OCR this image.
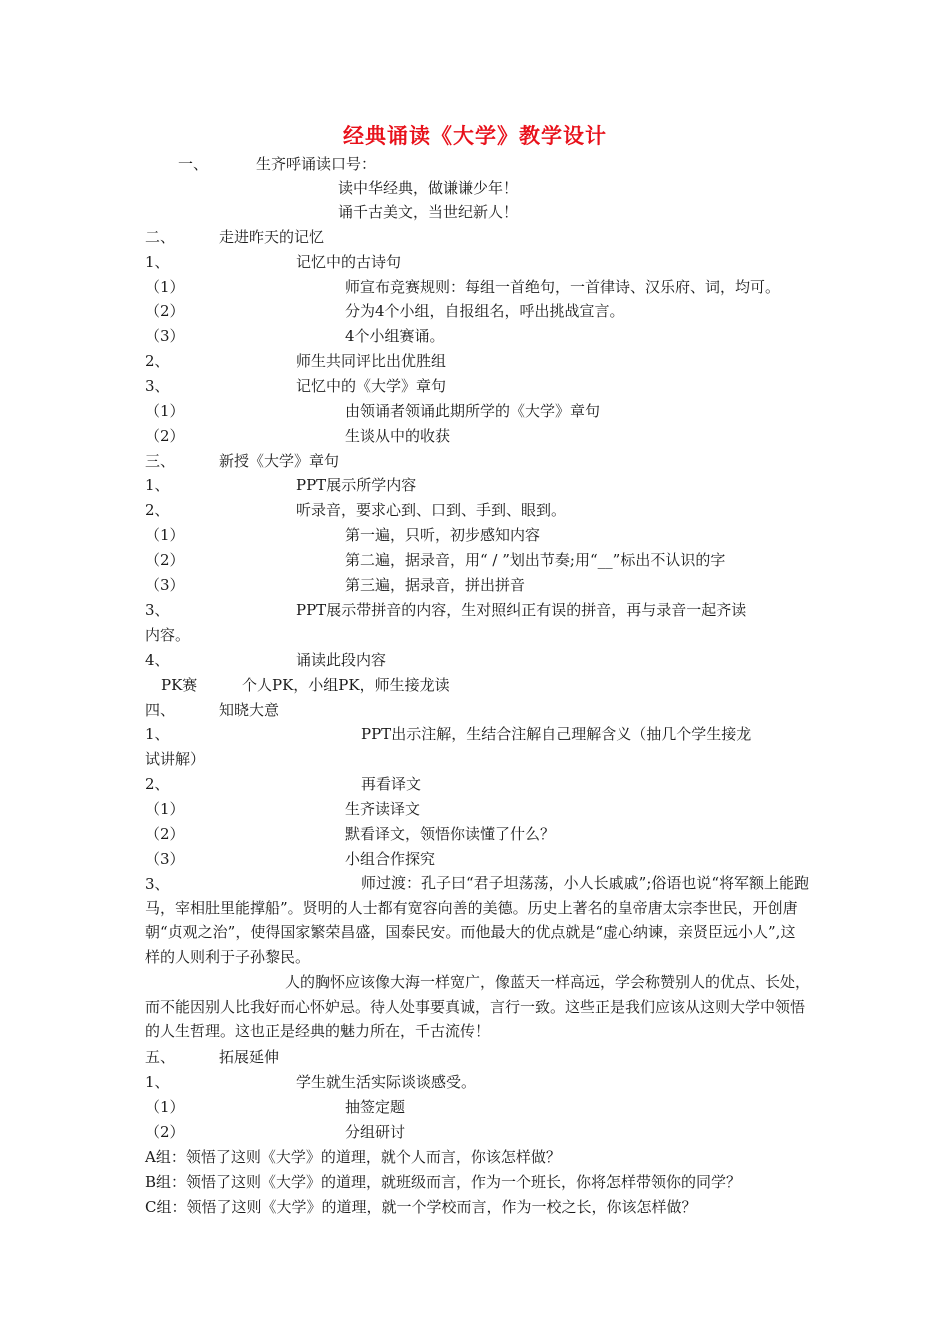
经典诵读《大学》教学设计
一、	生齐呼诵读口号：
读中华经典，做谦谦少年！
诵千古美文，当世纪新人！
二、	走进昨天的记忆
1、	记忆中的古诗句
（1）	师宣布竞赛规则：每组一首绝句，一首律诗、汉乐府、词，均可。
（2）	分为4个小组，自报组名，呼出挑战宣言。
（3）	4个小组赛诵。
2、	师生共同评比出优胜组
3、	记忆中的《大学》章句
（1）	由领诵者领诵此期所学的《大学》章句
（2）	生谈从中的收获
三、	新授《大学》章句
1、	PPT展示所学内容
2、	听录音，要求心到、口到、手到、眼到。
（1）	第一遍，只听，初步感知内容
（2）	第二遍，据录音，用“ / ”划出节奏;用“__”标出不认识的字
（3）	第三遍，据录音，拼出拼音
3、	PPT展示带拼音的内容，生对照纠正有误的拼音，再与录音一起齐读
内容。
4、	诵读此段内容
PK赛	个人PK，小组PK，师生接龙读
四、	知晓大意
1、	PPT出示注解，生结合注解自己理解含义（抽几个学生接龙
试讲解）
2、	再看译文
（1）	生齐读译文
（2）	默看译文，领悟你读懂了什么？
（3）	小组合作探究
3、	师过渡：孔子曰“君子坦荡荡，小人长戚戚”;俗语也说“将军额上能跑马，宰相肚里能撑船”。贤明的人士都有宽容向善的美德。历史上著名的皇帝唐太宗李世民，开创唐朝“贞观之治”，使得国家繁荣昌盛，国泰民安。而他最大的优点就是“虚心纳谏，亲贤臣远小人”,这样的人则利于子孙黎民。
人的胸怀应该像大海一样宽广，像蓝天一样高远，学会称赞别人的优点、长处，而不能因别人比我好而心怀妒忌。待人处事要真诚，言行一致。这些正是我们应该从这则大学中领悟的人生哲理。这也正是经典的魅力所在，千古流传！
五、	拓展延伸
1、	学生就生活实际谈谈感受。
（1）	抽签定题
（2）	分组研讨
A组：领悟了这则《大学》的道理，就个人而言，你该怎样做？
B组：领悟了这则《大学》的道理，就班级而言，作为一个班长，你将怎样带领你的同学？
C组：领悟了这则《大学》的道理，就一个学校而言，作为一校之长，你该怎样做？
